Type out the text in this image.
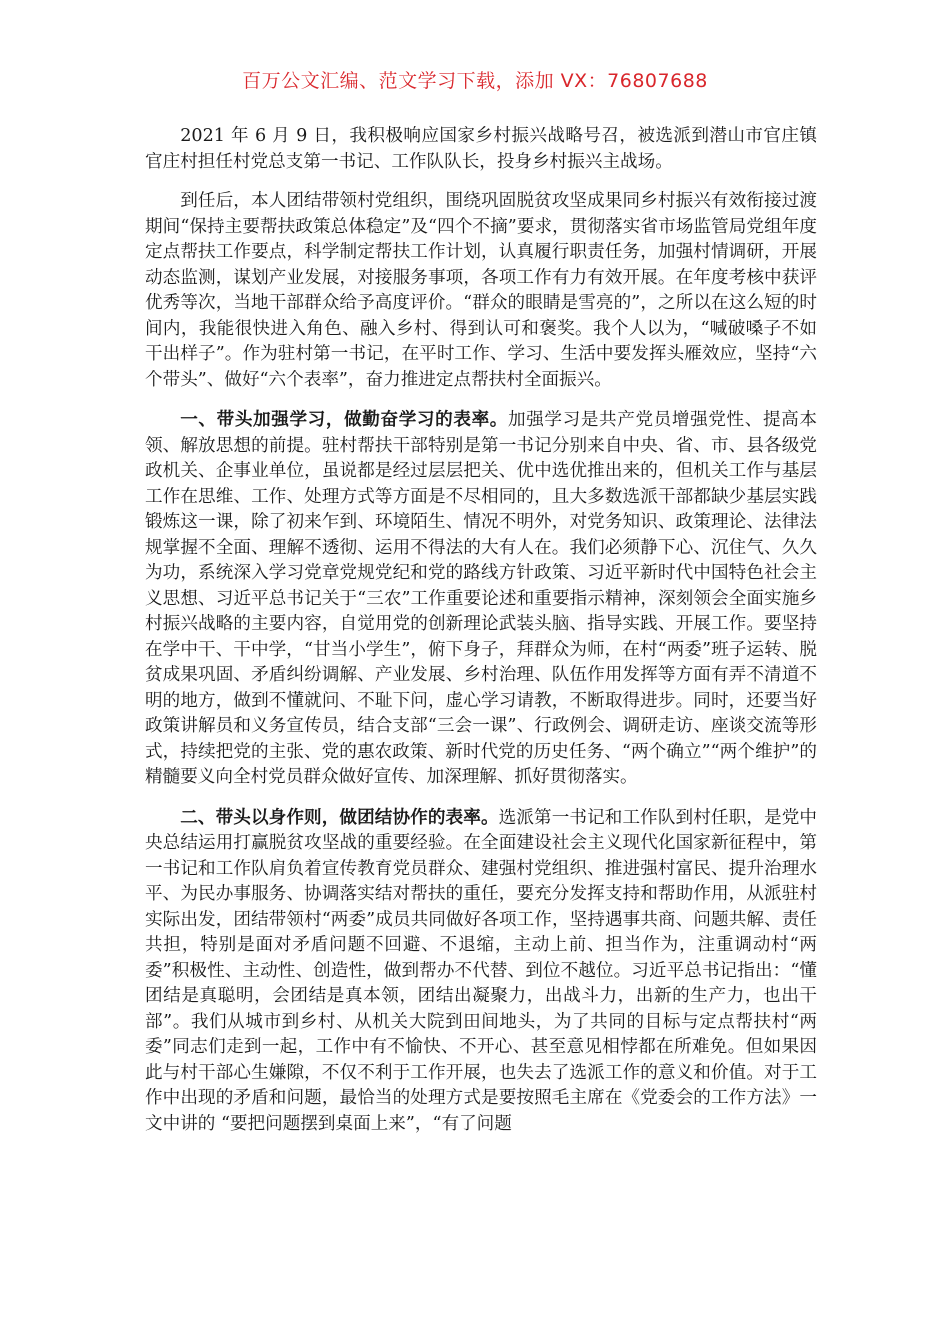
百万公文汇编、范文学习下载，添加 VX：76807688

2021 年 6 月 9 日，我积极响应国家乡村振兴战略号召，被选派到潜山市官庄镇官庄村担任村党总支第一书记、工作队队长，投身乡村振兴主战场。

到任后，本人团结带领村党组织，围绕巩固脱贫攻坚成果同乡村振兴有效衔接过渡期间“保持主要帮扶政策总体稳定”及“四个不摘”要求，贯彻落实省市场监管局党组年度定点帮扶工作要点，科学制定帮扶工作计划，认真履行职责任务，加强村情调研，开展动态监测，谋划产业发展，对接服务事项，各项工作有力有效开展。在年度考核中获评优秀等次，当地干部群众给予高度评价。“群众的眼睛是雪亮的”，之所以在这么短的时间内，我能很快进入角色、融入乡村、得到认可和褒奖。我个人以为，“喊破嗓子不如干出样子”。作为驻村第一书记，在平时工作、学习、生活中要发挥头雁效应，坚持“六个带头”、做好“六个表率”，奋力推进定点帮扶村全面振兴。

一、带头加强学习，做勤奋学习的表率。加强学习是共产党员增强党性、提高本领、解放思想的前提。驻村帮扶干部特别是第一书记分别来自中央、省、市、县各级党政机关、企事业单位，虽说都是经过层层把关、优中选优推出来的，但机关工作与基层工作在思维、工作、处理方式等方面是不尽相同的，且大多数选派干部都缺少基层实践锻炼这一课，除了初来乍到、环境陌生、情况不明外，对党务知识、政策理论、法律法规掌握不全面、理解不透彻、运用不得法的大有人在。我们必须静下心、沉住气、久久为功，系统深入学习党章党规党纪和党的路线方针政策、习近平新时代中国特色社会主义思想、习近平总书记关于“三农”工作重要论述和重要指示精神，深刻领会全面实施乡村振兴战略的主要内容，自觉用党的创新理论武装头脑、指导实践、开展工作。要坚持在学中干、干中学，“甘当小学生”，俯下身子，拜群众为师，在村“两委”班子运转、脱贫成果巩固、矛盾纠纷调解、产业发展、乡村治理、队伍作用发挥等方面有弄不清道不明的地方，做到不懂就问、不耻下问，虚心学习请教，不断取得进步。同时，还要当好政策讲解员和义务宣传员，结合支部“三会一课”、行政例会、调研走访、座谈交流等形式，持续把党的主张、党的惠农政策、新时代党的历史任务、“两个确立”“两个维护”的精髓要义向全村党员群众做好宣传、加深理解、抓好贯彻落实。

二、带头以身作则，做团结协作的表率。选派第一书记和工作队到村任职，是党中央总结运用打赢脱贫攻坚战的重要经验。在全面建设社会主义现代化国家新征程中，第一书记和工作队肩负着宣传教育党员群众、建强村党组织、推进强村富民、提升治理水平、为民办事服务、协调落实结对帮扶的重任，要充分发挥支持和帮助作用，从派驻村实际出发，团结带领村“两委”成员共同做好各项工作，坚持遇事共商、问题共解、责任共担，特别是面对矛盾问题不回避、不退缩，主动上前、担当作为，注重调动村“两委”积极性、主动性、创造性，做到帮办不代替、到位不越位。习近平总书记指出：“懂团结是真聪明，会团结是真本领，团结出凝聚力，出战斗力，出新的生产力，也出干部”。我们从城市到乡村、从机关大院到田间地头，为了共同的目标与定点帮扶村“两委”同志们走到一起，工作中有不愉快、不开心、甚至意见相悖都在所难免。但如果因此与村干部心生嫌隙，不仅不利于工作开展，也失去了选派工作的意义和价值。对于工作中出现的矛盾和问题，最恰当的处理方式是要按照毛主席在《党委会的工作方法》一文中讲的 “要把问题摆到桌面上来”，“有了问题
